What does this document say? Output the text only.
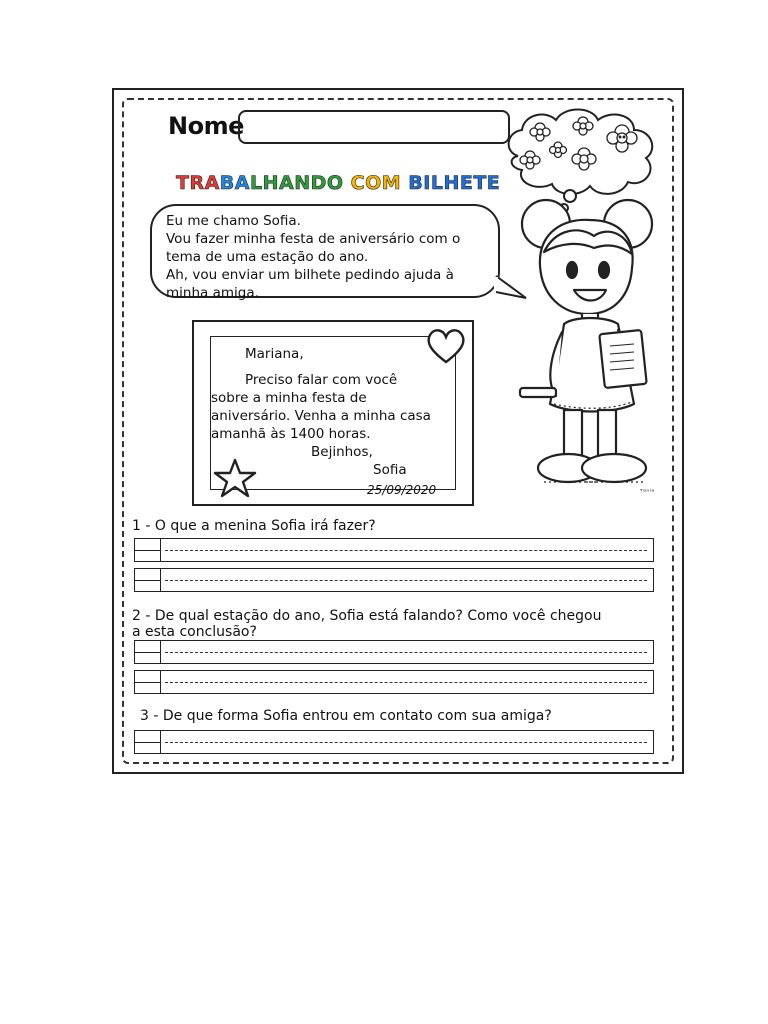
Nome
TRABALHANDO COM BILHETE

Eu me chamo Sofia.

Vou fazer minha festa de aniversário com o

tema de uma estação do ano.

Ah, vou enviar um bilhete pedindo ajuda à

minha amiga.

Mariana,
Preciso falar com você
sobre a minha festa de
aniversário. Venha a minha casa
amanhã às 1400 horas.
Bejinhos,
Sofia
25/09/2020	ᵀᵃⁿⁱᵃ
1 - O que a menina Sofia irá fazer?
2 - De qual estação do ano, Sofia está falando? Como você chegou
a esta conclusão?
3 - De que forma Sofia entrou em contato com sua amiga?
